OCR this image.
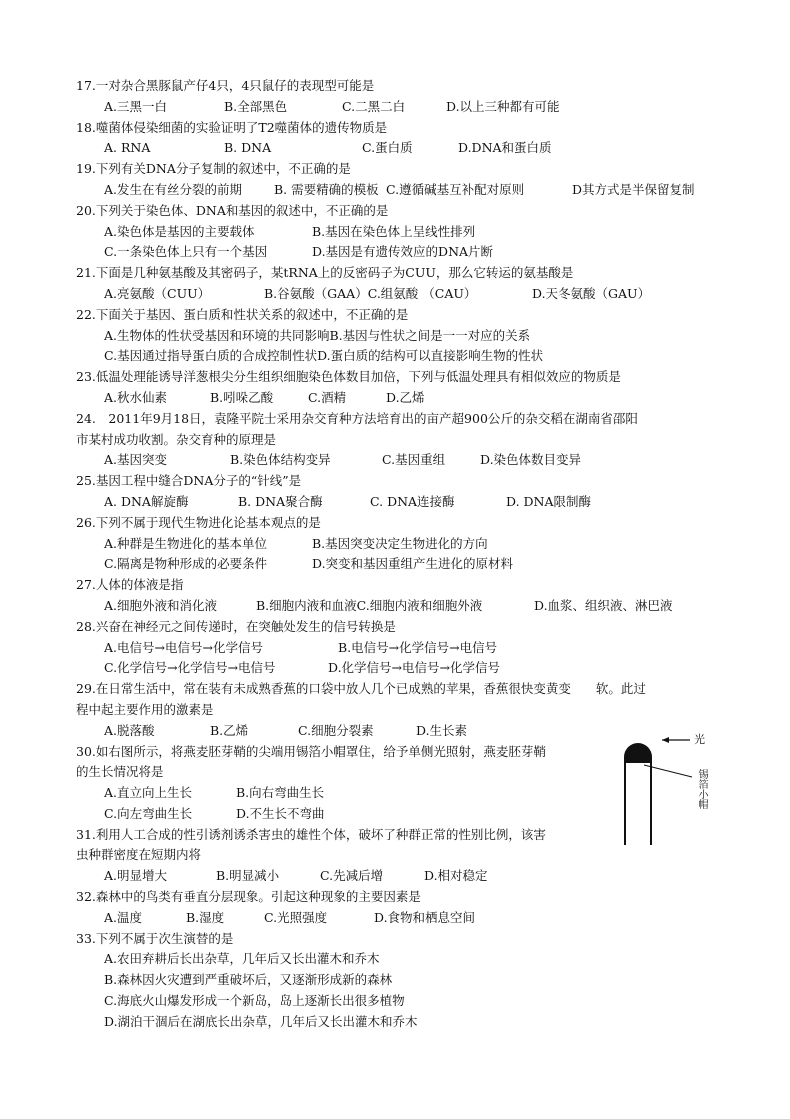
17.一对杂合黑豚鼠产仔4只，4只鼠仔的表现型可能是
A.三黑一白	B.全部黑色	C.二黑二白	D.以上三种都有可能
18.噬菌体侵染细菌的实验证明了T2噬菌体的遗传物质是
A. RNA	B. DNA	C.蛋白质	D.DNA和蛋白质
19.下列有关DNA分子复制的叙述中，不正确的是
A.发生在有丝分裂的前期	B. 需要精确的模板 C.遵循碱基互补配对原则	D其方式是半保留复制
20.下列关于染色体、DNA和基因的叙述中，不正确的是
A.染色体是基因的主要载体	B.基因在染色体上呈线性排列
C.一条染色体上只有一个基因	D.基因是有遗传效应的DNA片断
21.下面是几种氨基酸及其密码子，某tRNA上的反密码子为CUU，那么它转运的氨基酸是
A.亮氨酸（CUU）	B.谷氨酸（GAA）C.组氨酸 （CAU）	D.天冬氨酸（GAU）
22.下面关于基因、蛋白质和性状关系的叙述中，不正确的是
A.生物体的性状受基因和环境的共同影响B.基因与性状之间是一一对应的关系
C.基因通过指导蛋白质的合成控制性状D.蛋白质的结构可以直接影响生物的性状
23.低温处理能诱导洋葱根尖分生组织细胞染色体数目加倍，下列与低温处理具有相似效应的物质是
A.秋水仙素	B.吲哚乙酸	C.酒精	D.乙烯
24.　2011年9月18日，袁隆平院士采用杂交育种方法培育出的亩产超900公斤的杂交稻在湖南省邵阳
市某村成功收割。杂交育种的原理是
A.基因突变	B.染色体结构变异	C.基因重组	D.染色体数目变异
25.基因工程中缝合DNA分子的“针线”是
A. DNA解旋酶	B. DNA聚合酶	C. DNA连接酶	D. DNA限制酶
26.下列不属于现代生物进化论基本观点的是
A.种群是生物进化的基本单位	B.基因突变决定生物进化的方向
C.隔离是物种形成的必要条件	D.突变和基因重组产生进化的原材料
27.人体的体液是指
A.细胞外液和消化液	B.细胞内液和血液C.细胞内液和细胞外液	D.血浆、组织液、淋巴液
28.兴奋在神经元之间传递时，在突触处发生的信号转换是
A.电信号→电信号→化学信号	B.电信号→化学信号→电信号
C.化学信号→化学信号→电信号	D.化学信号→电信号→化学信号
29.在日常生活中，常在装有未成熟香蕉的口袋中放人几个已成熟的苹果，香蕉很快变黄变　　软。此过
程中起主要作用的激素是
A.脱落酸	B.乙烯	C.细胞分裂素	D.生长素
30.如右图所示，将燕麦胚芽鞘的尖端用锡箔小帽罩住，给予单侧光照射，燕麦胚芽鞘
的生长情况将是
A.直立向上生长	B.向右弯曲生长
C.向左弯曲生长	D.不生长不弯曲
31.利用人工合成的性引诱剂诱杀害虫的雄性个体，破坏了种群正常的性别比例，该害
虫种群密度在短期内将
A.明显增大	B.明显减小	C.先减后增	D.相对稳定
32.森林中的鸟类有垂直分层现象。引起这种现象的主要因素是
A.温度	B.湿度	C.光照强度	D.食物和栖息空间
33.下列不属于次生演替的是
A.农田弃耕后长出杂草，几年后又长出灌木和乔木
B.森林因火灾遭到严重破坏后，又逐渐形成新的森林
C.海底火山爆发形成一个新岛，岛上逐渐长出很多植物
D.湖泊干涸后在湖底长出杂草，几年后又长出灌木和乔木
光
锡箔小帽
